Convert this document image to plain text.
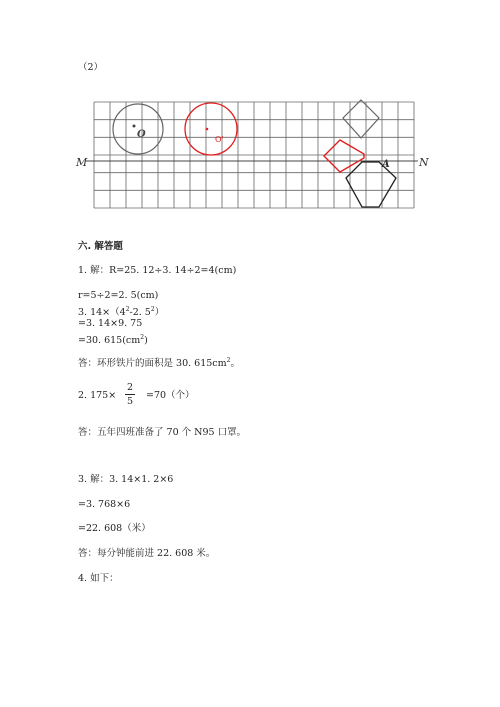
（2）
M	N
O	O'
A
六. 解答题
1. 解：R=25. 12÷3. 14÷2=4(cm)
r=5÷2=2. 5(cm)
3. $14\times(4^2-2$. $5^2$）
=3. 14×9. 75
=30. $615(cm^2)$
答：环形铁片的面积是 30. $615cm^2$。
2. 175×
2
5
=70（个）
答：五年四班准备了 70 个 N95 口罩。
3. 解：3. 14×1. 2×6
=3. 768×6
=22. 608（米）
答：每分钟能前进 22. 608 米。
4. 如下：
